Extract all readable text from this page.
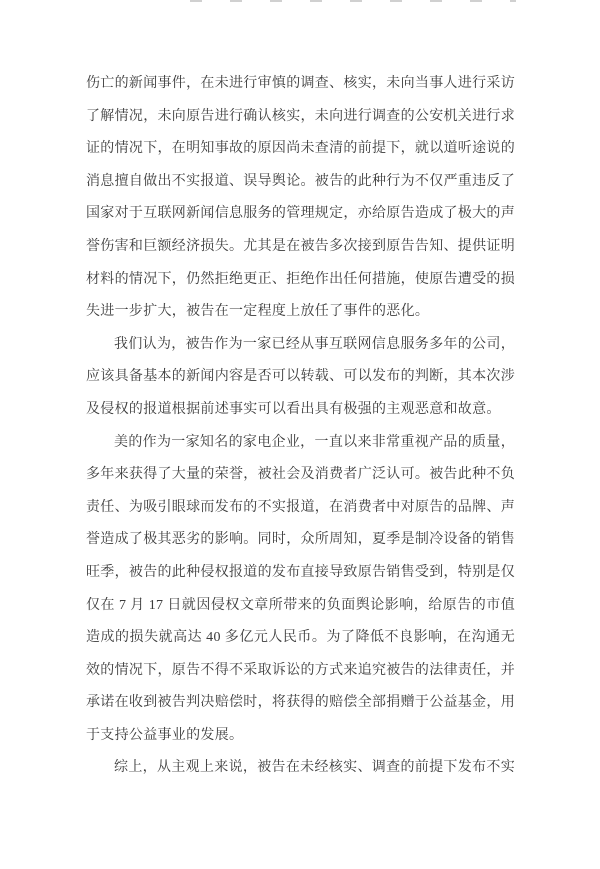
伤亡的新闻事件，在未进行审慎的调查、核实，未向当事人进行采访
了解情况，未向原告进行确认核实，未向进行调查的公安机关进行求
证的情况下，在明知事故的原因尚未查清的前提下，就以道听途说的
消息擅自做出不实报道、误导舆论。被告的此种行为不仅严重违反了
国家对于互联网新闻信息服务的管理规定，亦给原告造成了极大的声
誉伤害和巨额经济损失。尤其是在被告多次接到原告告知、提供证明
材料的情况下，仍然拒绝更正、拒绝作出任何措施，使原告遭受的损
失进一步扩大，被告在一定程度上放任了事件的恶化。
我们认为，被告作为一家已经从事互联网信息服务多年的公司，
应该具备基本的新闻内容是否可以转载、可以发布的判断，其本次涉
及侵权的报道根据前述事实可以看出具有极强的主观恶意和故意。
美的作为一家知名的家电企业，一直以来非常重视产品的质量，
多年来获得了大量的荣誉，被社会及消费者广泛认可。被告此种不负
责任、为吸引眼球而发布的不实报道，在消费者中对原告的品牌、声
誉造成了极其恶劣的影响。同时，众所周知，夏季是制冷设备的销售
旺季，被告的此种侵权报道的发布直接导致原告销售受到，特别是仅
仅在 7 月 17 日就因侵权文章所带来的负面舆论影响，给原告的市值
造成的损失就高达 40 多亿元人民币。为了降低不良影响，在沟通无
效的情况下，原告不得不采取诉讼的方式来追究被告的法律责任，并
承诺在收到被告判决赔偿时，将获得的赔偿全部捐赠于公益基金，用
于支持公益事业的发展。
综上，从主观上来说，被告在未经核实、调查的前提下发布不实
